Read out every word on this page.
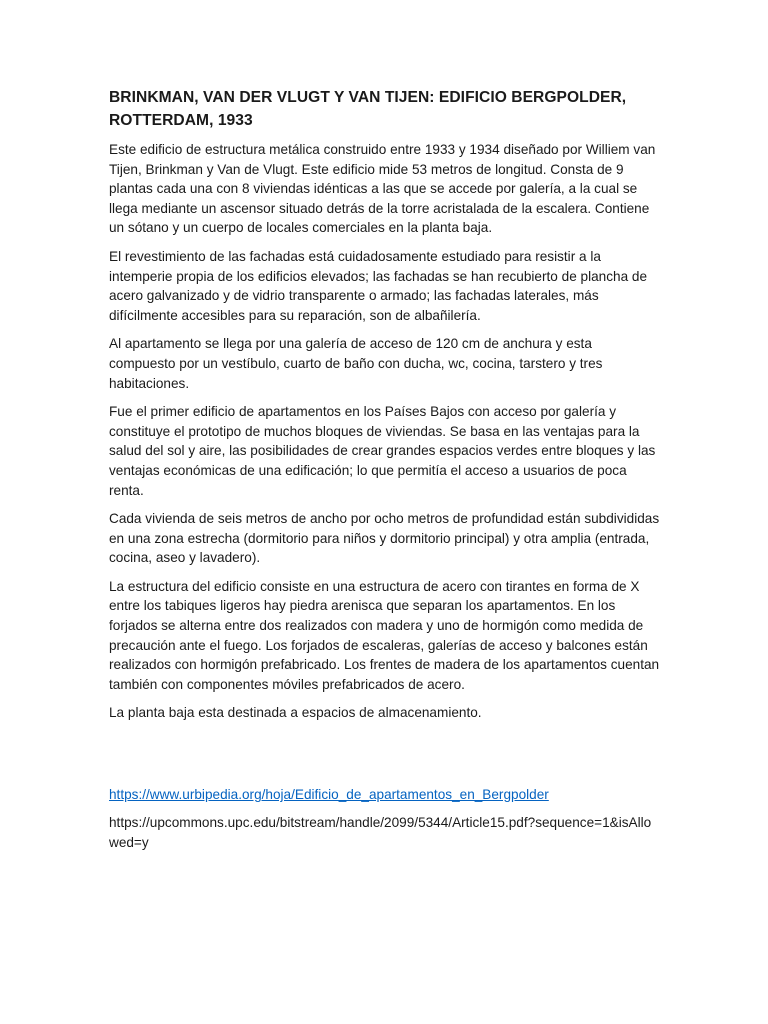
BRINKMAN, VAN DER VLUGT Y VAN TIJEN: EDIFICIO BERGPOLDER, ROTTERDAM, 1933

Este edificio de estructura metálica construido entre 1933 y 1934 diseñado por Williem van Tijen, Brinkman y Van de Vlugt. Este edificio mide 53 metros de longitud. Consta de 9 plantas cada una con 8 viviendas idénticas a las que se accede por galería, a la cual se llega mediante un ascensor situado detrás de la torre acristalada de la escalera. Contiene un sótano y un cuerpo de locales comerciales en la planta baja.

El revestimiento de las fachadas está cuidadosamente estudiado para resistir a la intemperie propia de los edificios elevados; las fachadas se han recubierto de plancha de acero galvanizado y de vidrio transparente o armado; las fachadas laterales, más difícilmente accesibles para su reparación, son de albañilería.

Al apartamento se llega por una galería de acceso de 120 cm de anchura y esta compuesto por un vestíbulo, cuarto de baño con ducha, wc, cocina, tarstero y tres habitaciones.

Fue el primer edificio de apartamentos en los Países Bajos con acceso por galería y constituye el prototipo de muchos bloques de viviendas. Se basa en las ventajas para la salud del sol y aire, las posibilidades de crear grandes espacios verdes entre bloques y las ventajas económicas de una edificación; lo que permitía el acceso a usuarios de poca renta.

Cada vivienda de seis metros de ancho por ocho metros de profundidad están subdivididas en una zona estrecha (dormitorio para niños y dormitorio principal) y otra amplia (entrada, cocina, aseo y lavadero).

La estructura del edificio consiste en una estructura de acero con tirantes en forma de X entre los tabiques ligeros hay piedra arenisca que separan los apartamentos. En los forjados se alterna entre dos realizados con madera y uno de hormigón como medida de precaución ante el fuego. Los forjados de escaleras, galerías de acceso y balcones están realizados con hormigón prefabricado. Los frentes de madera de los apartamentos cuentan también con componentes móviles prefabricados de acero.

La planta baja esta destinada a espacios de almacenamiento.

https://www.urbipedia.org/hoja/Edificio_de_apartamentos_en_Bergpolder
https://upcommons.upc.edu/bitstream/handle/2099/5344/Article15.pdf?sequence=1&isAllowed=y
